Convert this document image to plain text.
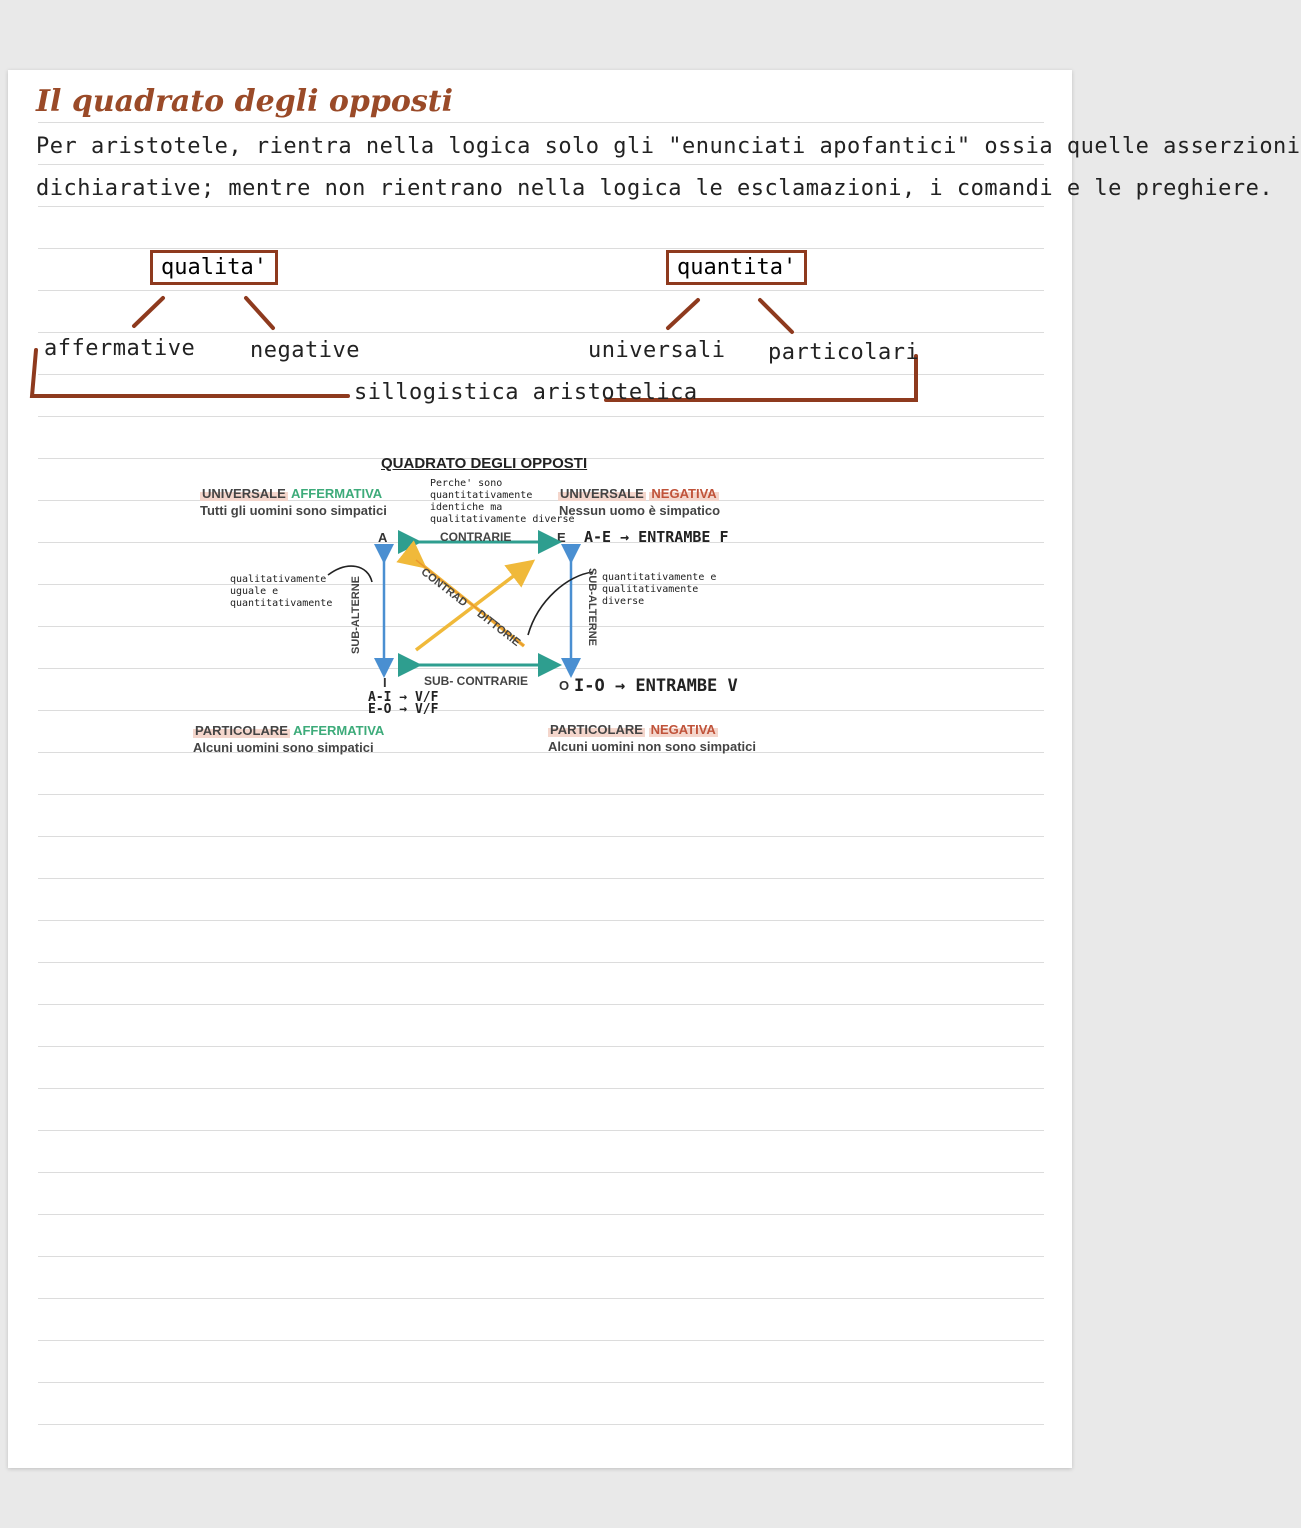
Il quadrato degli opposti
Per aristotele, rientra nella logica solo gli "enunciati apofantici" ossia quelle asserzioni
dichiarative; mentre non rientrano nella logica le esclamazioni, i comandi e le preghiere.
qualita'	quantita'
affermative negative	universali particolari
sillogistica aristotelica
QUADRATO DEGLI OPPOSTI
UNIVERSALE AFFERMATIVA
Tutti gli uomini sono simpatici
UNIVERSALE NEGATIVA
Nessun uomo è simpatico
Perche' sono
quantitativamente
identiche ma
qualitativamente diverse
A	E
I	O
CONTRARIE
SUB- CONTRARIE
SUB-ALTERNE	SUB-ALTERNE
CONTRAD
DITTORIE
qualitativamente
uguale e
quantitativamente
quantitativamente e
qualitativamente
diverse
A-E → ENTRAMBE F
I-O → ENTRAMBE V
A-I → V/F
E-O → V/F
PARTICOLARE AFFERMATIVA
Alcuni uomini sono simpatici
PARTICOLARE NEGATIVA
Alcuni uomini non sono simpatici
